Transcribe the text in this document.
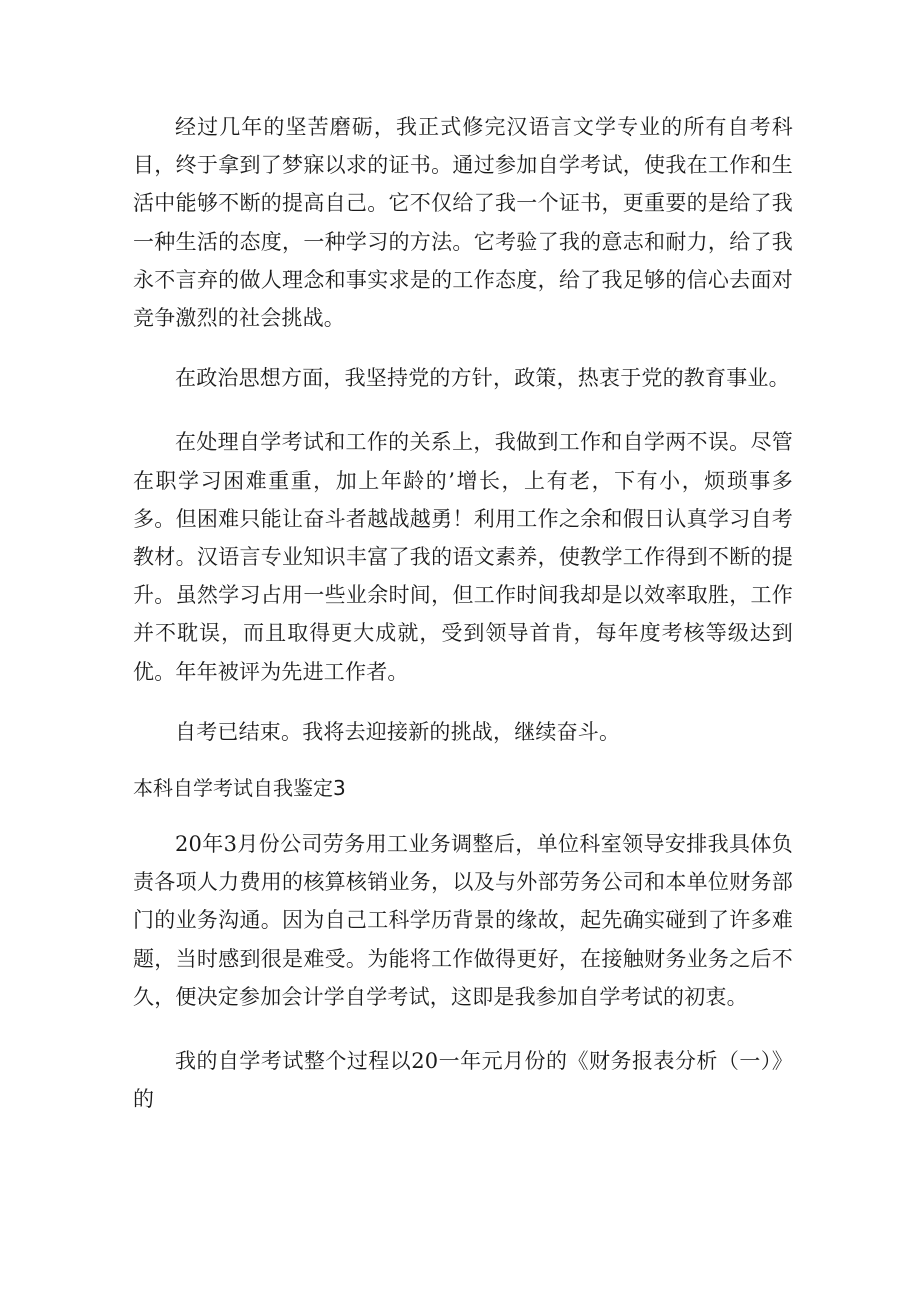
经过几年的坚苦磨砺，我正式修完汉语言文学专业的所有自考科目，终于拿到了梦寐以求的证书。通过参加自学考试，使我在工作和生活中能够不断的提高自己。它不仅给了我一个证书，更重要的是给了我一种生活的态度，一种学习的方法。它考验了我的意志和耐力，给了我永不言弃的做人理念和事实求是的工作态度，给了我足够的信心去面对竞争激烈的社会挑战。

在政治思想方面，我坚持党的方针，政策，热衷于党的教育事业。

在处理自学考试和工作的关系上，我做到工作和自学两不误。尽管在职学习困难重重，加上年龄的’增长，上有老，下有小，烦琐事多多。但困难只能让奋斗者越战越勇！利用工作之余和假日认真学习自考教材。汉语言专业知识丰富了我的语文素养，使教学工作得到不断的提升。虽然学习占用一些业余时间，但工作时间我却是以效率取胜，工作并不耽误，而且取得更大成就，受到领导首肯，每年度考核等级达到优。年年被评为先进工作者。

自考已结束。我将去迎接新的挑战，继续奋斗。

本科自学考试自我鉴定3

20年3月份公司劳务用工业务调整后，单位科室领导安排我具体负责各项人力费用的核算核销业务，以及与外部劳务公司和本单位财务部门的业务沟通。因为自己工科学历背景的缘故，起先确实碰到了许多难题，当时感到很是难受。为能将工作做得更好，在接触财务业务之后不久，便决定参加会计学自学考试，这即是我参加自学考试的初衷。

我的自学考试整个过程以20一年元月份的《财务报表分析（一）》的
